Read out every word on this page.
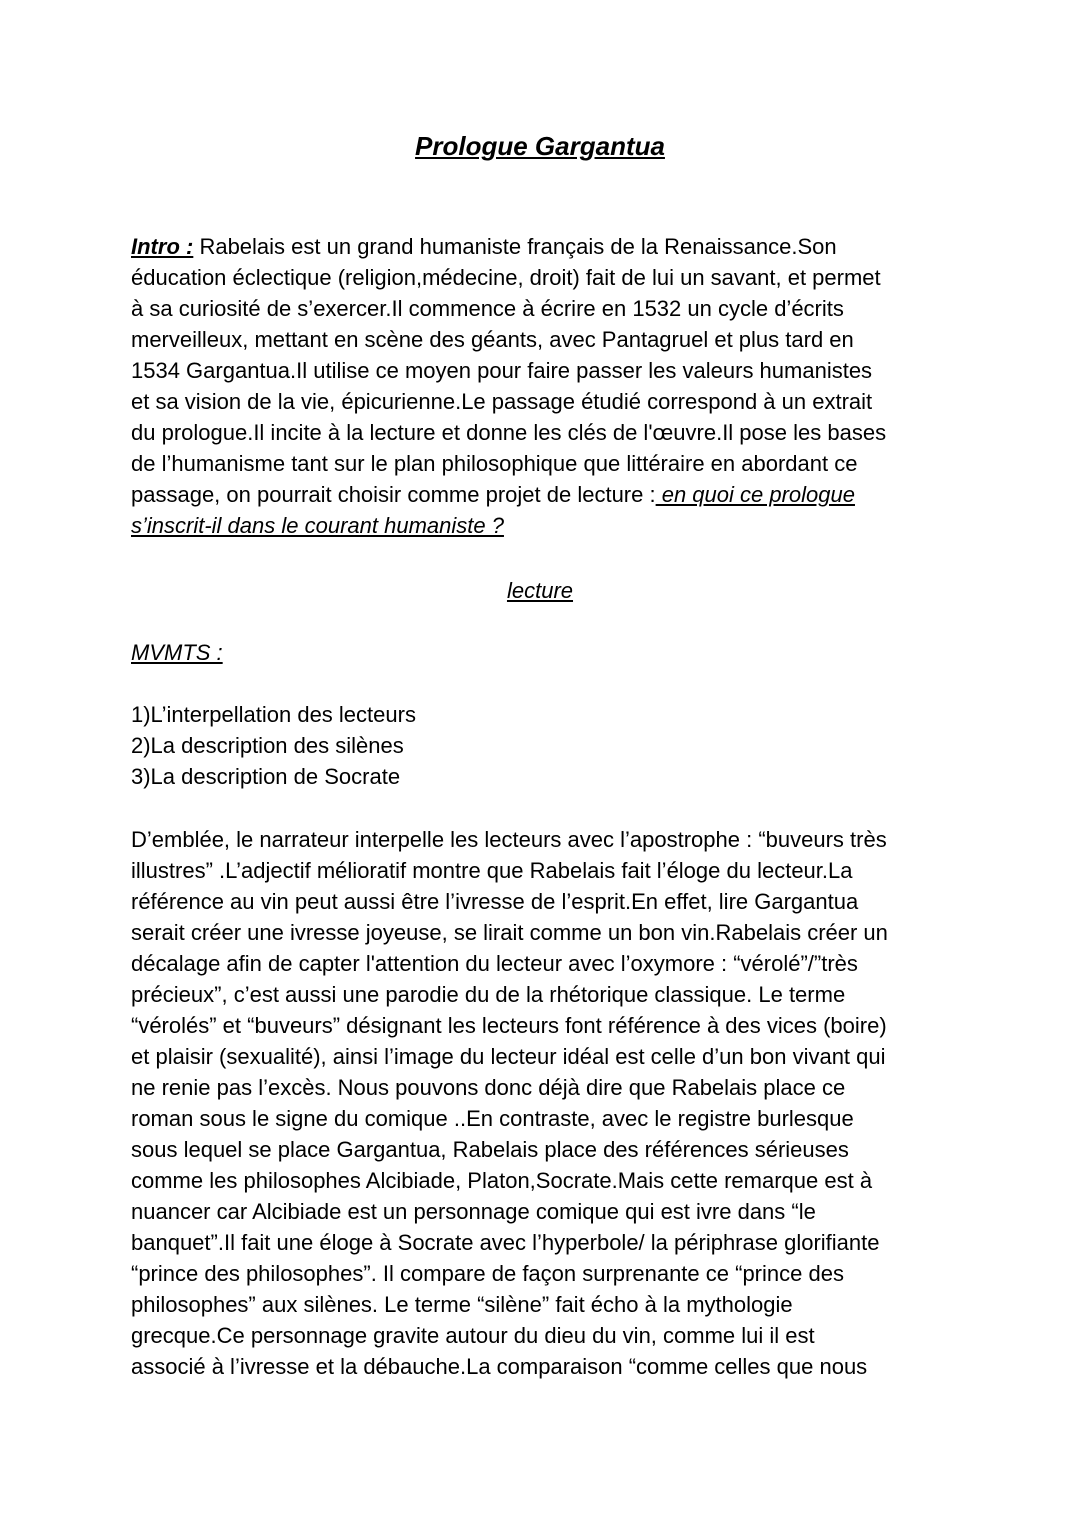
Prologue Gargantua
Intro : Rabelais est un grand humaniste français de la Renaissance.Son
éducation éclectique (religion,médecine, droit) fait de lui un savant, et permet
à sa curiosité de s’exercer.Il commence à écrire en 1532 un cycle d’écrits
merveilleux, mettant en scène des géants, avec Pantagruel et plus tard en
1534 Gargantua.Il utilise ce moyen pour faire passer les valeurs humanistes
et sa vision de la vie, épicurienne.Le passage étudié correspond à un extrait
du prologue.Il incite à la lecture et donne les clés de l'œuvre.Il pose les bases
de l’humanisme tant sur le plan philosophique que littéraire en abordant ce
passage, on pourrait choisir comme projet de lecture : en quoi ce prologue
s’inscrit-il dans le courant humaniste ?
lecture
MVMTS :
1)L’interpellation des lecteurs
2)La description des silènes
3)La description de Socrate
D’emblée, le narrateur interpelle les lecteurs avec l’apostrophe : “buveurs très
illustres” .L’adjectif mélioratif montre que Rabelais fait l’éloge du lecteur.La
référence au vin peut aussi être l’ivresse de l’esprit.En effet, lire Gargantua
serait créer une ivresse joyeuse, se lirait comme un bon vin.Rabelais créer un
décalage afin de capter l'attention du lecteur avec l’oxymore : “vérolé”/”très
précieux”, c’est aussi une parodie du de la rhétorique classique. Le terme
“vérolés” et “buveurs” désignant les lecteurs font référence à des vices (boire)
et plaisir (sexualité), ainsi l’image du lecteur idéal est celle d’un bon vivant qui
ne renie pas l’excès. Nous pouvons donc déjà dire que Rabelais place ce
roman sous le signe du comique ..En contraste, avec le registre burlesque
sous lequel se place Gargantua, Rabelais place des références sérieuses
comme les philosophes Alcibiade, Platon,Socrate.Mais cette remarque est à
nuancer car Alcibiade est un personnage comique qui est ivre dans “le
banquet”.Il fait une éloge à Socrate avec l’hyperbole/ la périphrase glorifiante
“prince des philosophes”. Il compare de façon surprenante ce “prince des
philosophes” aux silènes. Le terme “silène” fait écho à la mythologie
grecque.Ce personnage gravite autour du dieu du vin, comme lui il est
associé à l’ivresse et la débauche.La comparaison “comme celles que nous
